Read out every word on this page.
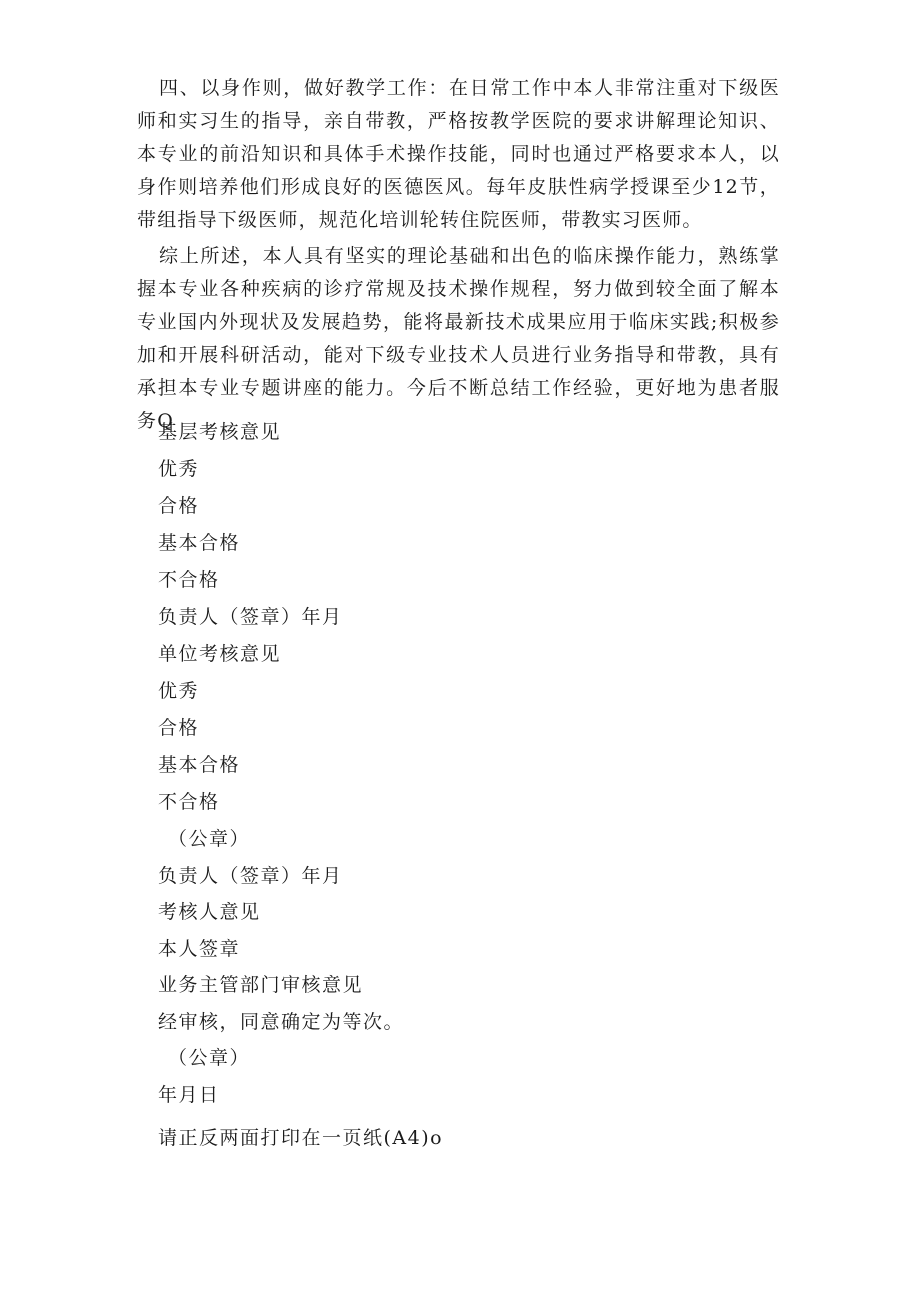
四、以身作则，做好教学工作：在日常工作中本人非常注重对下级医师和实习生的指导，亲自带教，严格按教学医院的要求讲解理论知识、本专业的前沿知识和具体手术操作技能，同时也通过严格要求本人，以身作则培养他们形成良好的医德医风。每年皮肤性病学授课至少12节，带组指导下级医师，规范化培训轮转住院医师，带教实习医师。

综上所述，本人具有坚实的理论基础和出色的临床操作能力，熟练掌握本专业各种疾病的诊疗常规及技术操作规程，努力做到较全面了解本专业国内外现状及发展趋势，能将最新技术成果应用于临床实践;积极参加和开展科研活动，能对下级专业技术人员进行业务指导和带教，具有承担本专业专题讲座的能力。今后不断总结工作经验，更好地为患者服务Q

基层考核意见

优秀

合格

基本合格

不合格

负责人（签章）年月

单位考核意见

优秀

合格

基本合格

不合格

（公章）

负责人（签章）年月

考核人意见

本人签章

业务主管部门审核意见

经审核，同意确定为等次。

（公章）

年月日

请正反两面打印在一页纸(A4)o
